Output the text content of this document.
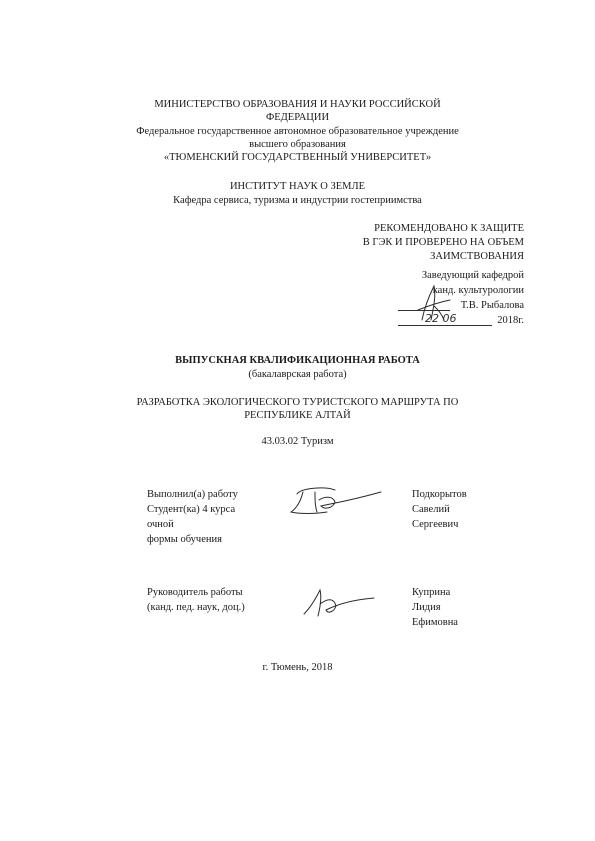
МИНИСТЕРСТВО ОБРАЗОВАНИЯ И НАУКИ РОССИЙСКОЙ
ФЕДЕРАЦИИ
Федеральное государственное автономное образовательное учреждение
высшего образования
«ТЮМЕНСКИЙ ГОСУДАРСТВЕННЫЙ УНИВЕРСИТЕТ»
ИНСТИТУТ НАУК О ЗЕМЛЕ
Кафедра сервиса, туризма и индустрии гостеприимства
РЕКОМЕНДОВАНО К ЗАЩИТЕ
В ГЭК И ПРОВЕРЕНО НА ОБЪЕМ
ЗАИМСТВОВАНИЯ
Заведующий кафедрой
канд. культурологии
Т.В. Рыбалова
22 06	2018г.
ВЫПУСКНАЯ КВАЛИФИКАЦИОННАЯ РАБОТА
(бакалаврская работа)
РАЗРАБОТКА ЭКОЛОГИЧЕСКОГО ТУРИСТСКОГО МАРШРУТА ПО
РЕСПУБЛИКЕ АЛТАЙ
43.03.02 Туризм
Выполнил(а) работу
Студент(ка) 4 курса
очной
формы обучения
Подкорытов
Савелий
Сергеевич
Руководитель работы
(канд. пед. наук, доц.)
Куприна
Лидия
Ефимовна
г. Тюмень, 2018
